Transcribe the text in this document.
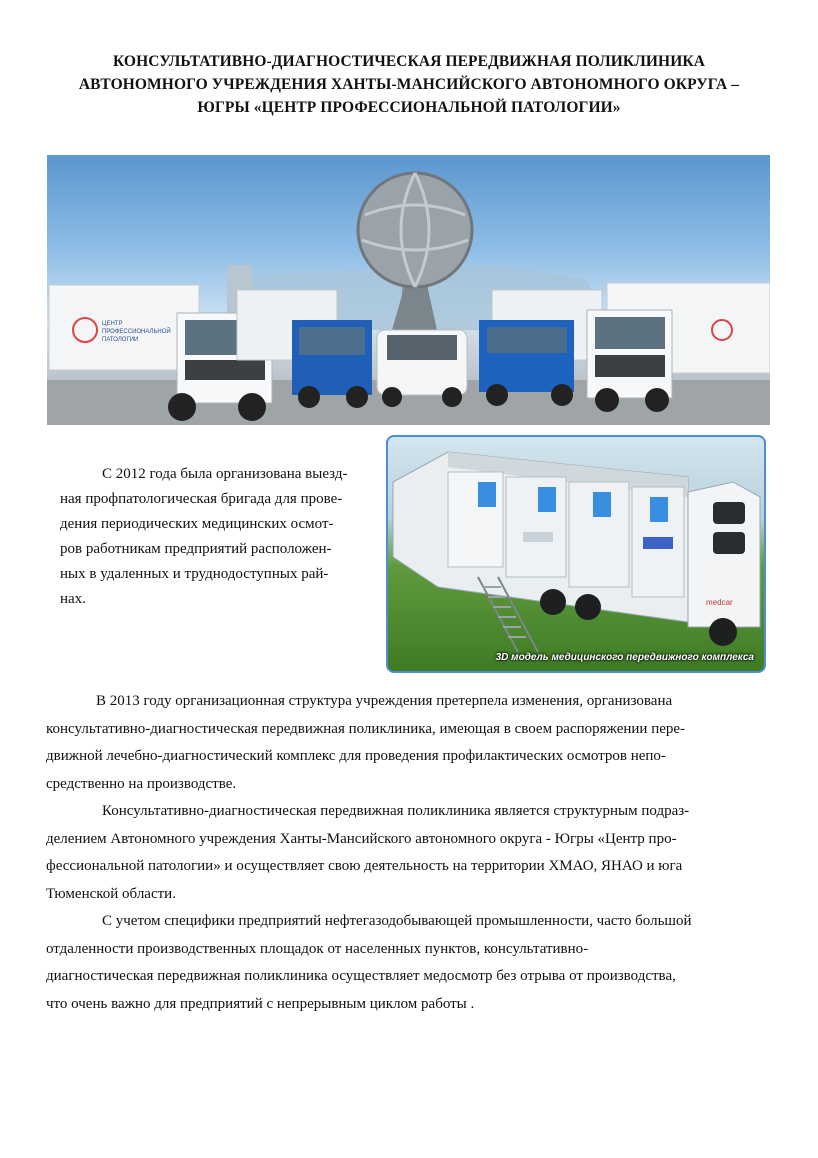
КОНСУЛЬТАТИВНО-ДИАГНОСТИЧЕСКАЯ ПЕРЕДВИЖНАЯ ПОЛИКЛИНИКА
АВТОНОМНОГО УЧРЕЖДЕНИЯ ХАНТЫ-МАНСИЙСКОГО АВТОНОМНОГО ОКРУГА –
ЮГРЫ «ЦЕНТР ПРОФЕССИОНАЛЬНОЙ ПАТОЛОГИИ»
ЦЕНТР
ПРОФЕССИОНАЛЬНОЙ
ПАТОЛОГИИ
С 2012 года была организована выезд-
ная профпатологическая бригада для прове-
дения периодических медицинских осмот-
ров работникам предприятий расположен-
ных в удаленных и труднодоступных рай-
нах.	medcar
3D модель медицинского передвижного комплекса
В 2013 году организационная структура учреждения претерпела изменения, организована
консультативно-диагностическая передвижная поликлиника, имеющая в своем распоряжении пере-
движной лечебно-диагностический комплекс для проведения профилактических осмотров непо-
средственно на производстве.
Консультативно-диагностическая передвижная поликлиника является структурным подраз-
делением Автономного учреждения Ханты-Мансийского автономного округа - Югры «Центр про-
фессиональной патологии» и осуществляет свою деятельность на территории ХМАО, ЯНАО и юга
Тюменской области.
С учетом специфики предприятий нефтегазодобывающей промышленности, часто большой
отдаленности производственных площадок от населенных пунктов, консультативно-
диагностическая передвижная поликлиника осуществляет медосмотр без отрыва от производства,
что очень важно для предприятий с непрерывным циклом работы .
